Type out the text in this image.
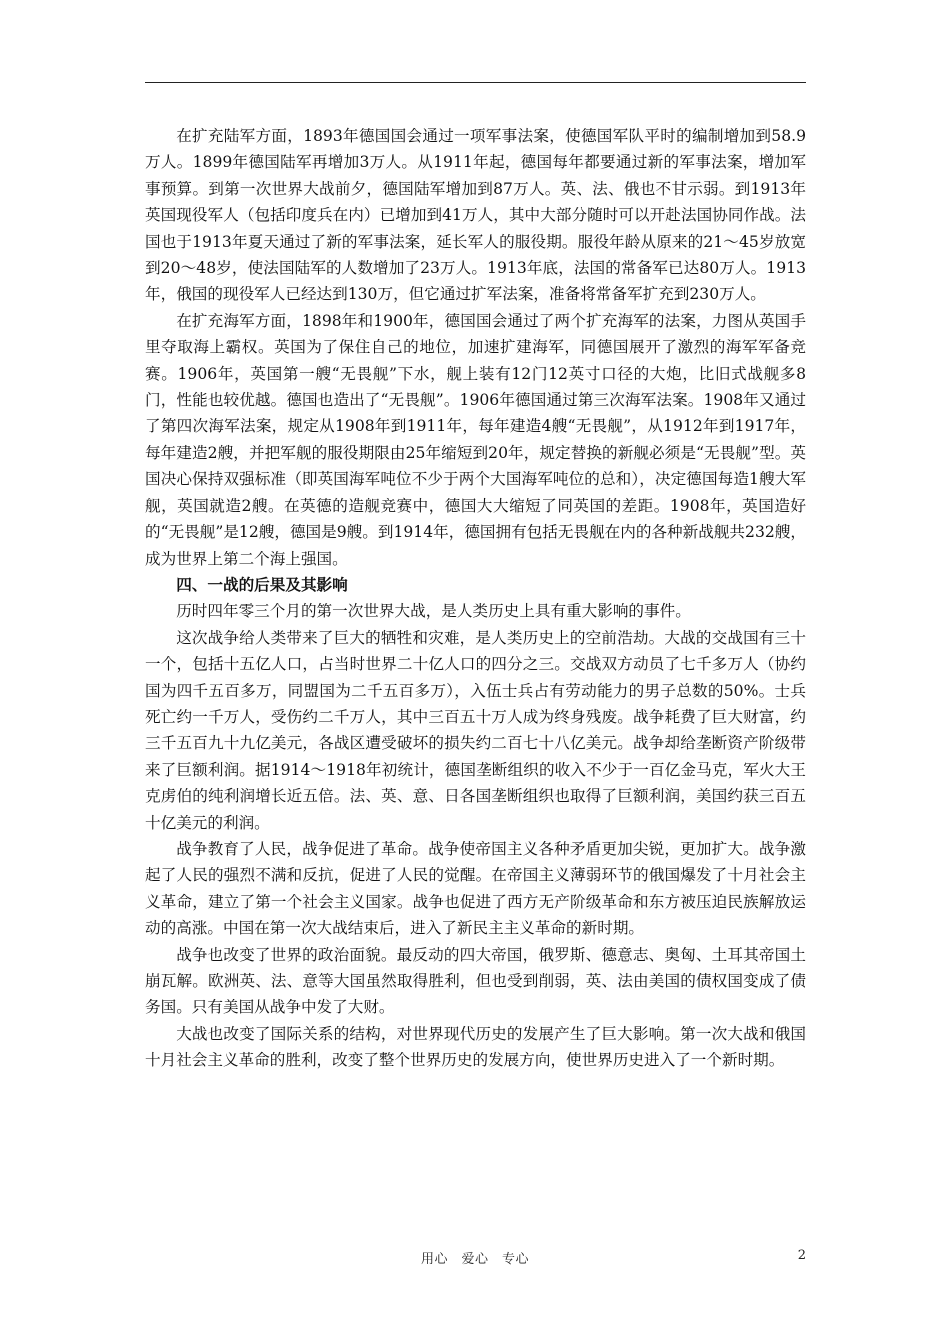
在扩充陆军方面，1893年德国国会通过一项军事法案，使德国军队平时的编制增加到58.9万人。1899年德国陆军再增加3万人。从1911年起，德国每年都要通过新的军事法案，增加军事预算。到第一次世界大战前夕，德国陆军增加到87万人。英、法、俄也不甘示弱。到1913年英国现役军人（包括印度兵在内）已增加到41万人，其中大部分随时可以开赴法国协同作战。法国也于1913年夏天通过了新的军事法案，延长军人的服役期。服役年龄从原来的21～45岁放宽到20～48岁，使法国陆军的人数增加了23万人。1913年底，法国的常备军已达80万人。1913年，俄国的现役军人已经达到130万，但它通过扩军法案，准备将常备军扩充到230万人。

在扩充海军方面，1898年和1900年，德国国会通过了两个扩充海军的法案，力图从英国手里夺取海上霸权。英国为了保住自己的地位，加速扩建海军，同德国展开了激烈的海军军备竞赛。1906年，英国第一艘“无畏舰”下水，舰上装有12门12英寸口径的大炮，比旧式战舰多8门，性能也较优越。德国也造出了“无畏舰”。1906年德国通过第三次海军法案。1908年又通过了第四次海军法案，规定从1908年到1911年，每年建造4艘“无畏舰”，从1912年到1917年，每年建造2艘，并把军舰的服役期限由25年缩短到20年，规定替换的新舰必须是“无畏舰”型。英国决心保持双强标准（即英国海军吨位不少于两个大国海军吨位的总和），决定德国每造1艘大军舰，英国就造2艘。在英德的造舰竞赛中，德国大大缩短了同英国的差距。1908年，英国造好的“无畏舰”是12艘，德国是9艘。到1914年，德国拥有包括无畏舰在内的各种新战舰共232艘，成为世界上第二个海上强国。

四、一战的后果及其影响

历时四年零三个月的第一次世界大战，是人类历史上具有重大影响的事件。

这次战争给人类带来了巨大的牺牲和灾难，是人类历史上的空前浩劫。大战的交战国有三十一个，包括十五亿人口，占当时世界二十亿人口的四分之三。交战双方动员了七千多万人（协约国为四千五百多万，同盟国为二千五百多万），入伍士兵占有劳动能力的男子总数的50%。士兵死亡约一千万人，受伤约二千万人，其中三百五十万人成为终身残废。战争耗费了巨大财富，约三千五百九十九亿美元，各战区遭受破坏的损失约二百七十八亿美元。战争却给垄断资产阶级带来了巨额利润。据1914～1918年初统计，德国垄断组织的收入不少于一百亿金马克，军火大王克虏伯的纯利润增长近五倍。法、英、意、日各国垄断组织也取得了巨额利润，美国约获三百五十亿美元的利润。

战争教育了人民，战争促进了革命。战争使帝国主义各种矛盾更加尖锐，更加扩大。战争激起了人民的强烈不满和反抗，促进了人民的觉醒。在帝国主义薄弱环节的俄国爆发了十月社会主义革命，建立了第一个社会主义国家。战争也促进了西方无产阶级革命和东方被压迫民族解放运动的高涨。中国在第一次大战结束后，进入了新民主主义革命的新时期。

战争也改变了世界的政治面貌。最反动的四大帝国，俄罗斯、德意志、奥匈、土耳其帝国土崩瓦解。欧洲英、法、意等大国虽然取得胜利，但也受到削弱，英、法由美国的债权国变成了债务国。只有美国从战争中发了大财。

大战也改变了国际关系的结构，对世界现代历史的发展产生了巨大影响。第一次大战和俄国十月社会主义革命的胜利，改变了整个世界历史的发展方向，使世界历史进入了一个新时期。

用心　爱心　专心	2
